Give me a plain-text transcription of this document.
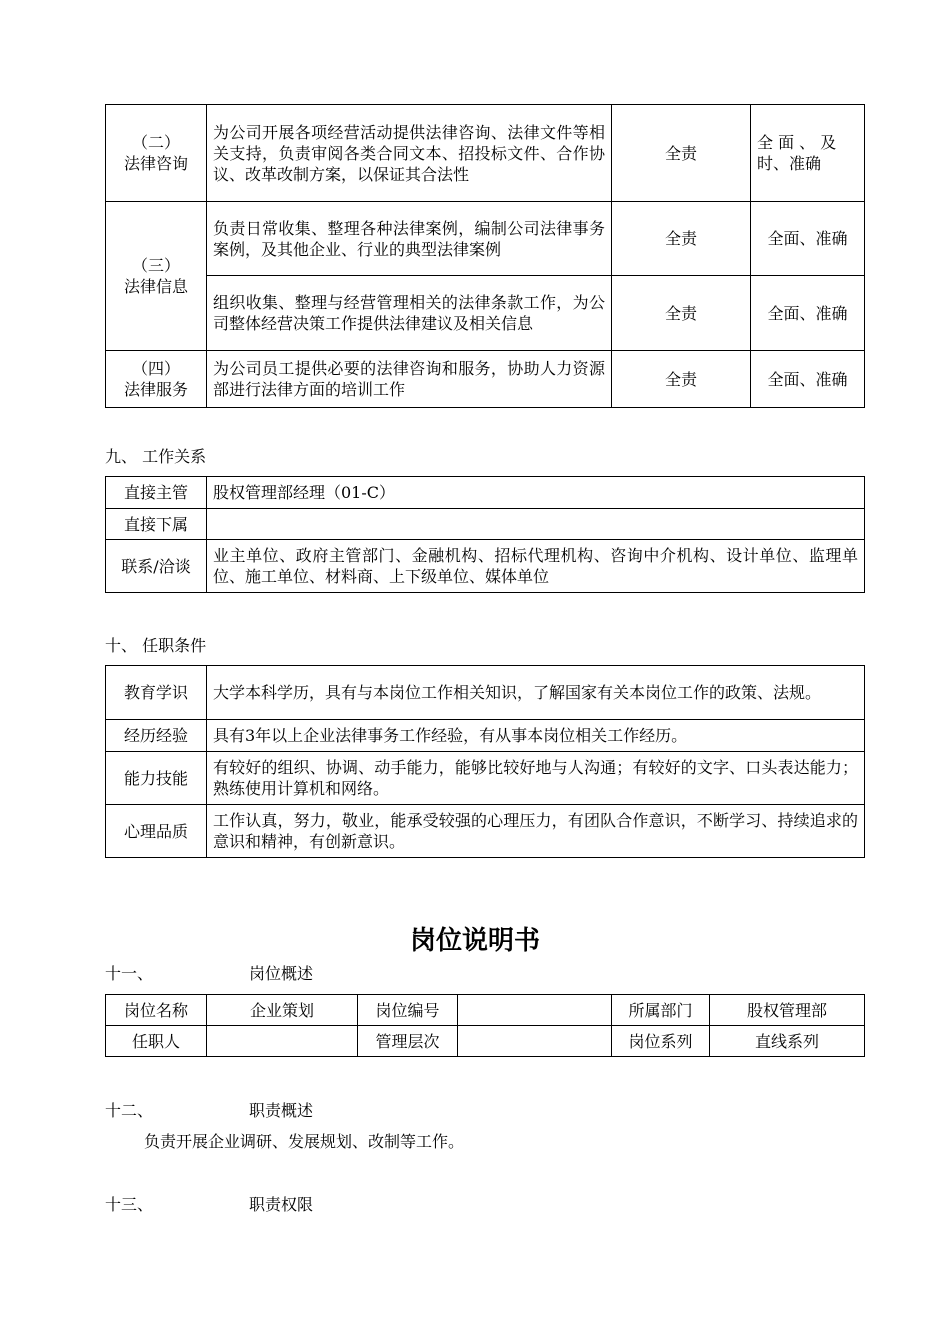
（二）
法律咨询	为公司开展各项经营活动提供法律咨询、法律文件等相关支持，负责审阅各类合同文本、招投标文件、合作协议、改革改制方案，以保证其合法性	全责	全 面 、 及时、准确

（三）
法律信息	负责日常收集、整理各种法律案例，编制公司法律事务案例，及其他企业、行业的典型法律案例	全责	全面、准确
	组织收集、整理与经营管理相关的法律条款工作，为公司整体经营决策工作提供法律建议及相关信息	全责	全面、准确

（四）
法律服务	为公司员工提供必要的法律咨询和服务，协助人力资源部进行法律方面的培训工作	全责	全面、准确
九、 工作关系
直接主管	股权管理部经理（01-C）
直接下属	
联系/洽谈	业主单位、政府主管部门、金融机构、招标代理机构、咨询中介机构、设计单位、监理单位、施工单位、材料商、上下级单位、媒体单位
十、 任职条件
教育学识	大学本科学历，具有与本岗位工作相关知识，了解国家有关本岗位工作的政策、法规。
经历经验	具有3年以上企业法律事务工作经验，有从事本岗位相关工作经历。
能力技能	有较好的组织、协调、动手能力，能够比较好地与人沟通；有较好的文字、口头表达能力；熟练使用计算机和网络。
心理品质	工作认真，努力，敬业，能承受较强的心理压力，有团队合作意识，不断学习、持续追求的意识和精神，有创新意识。
岗位说明书
十一、	岗位概述
岗位名称	企业策划	岗位编号		所属部门	股权管理部
任职人		管理层次		岗位系列	直线系列
十二、	职责概述
负责开展企业调研、发展规划、改制等工作。
十三、	职责权限
